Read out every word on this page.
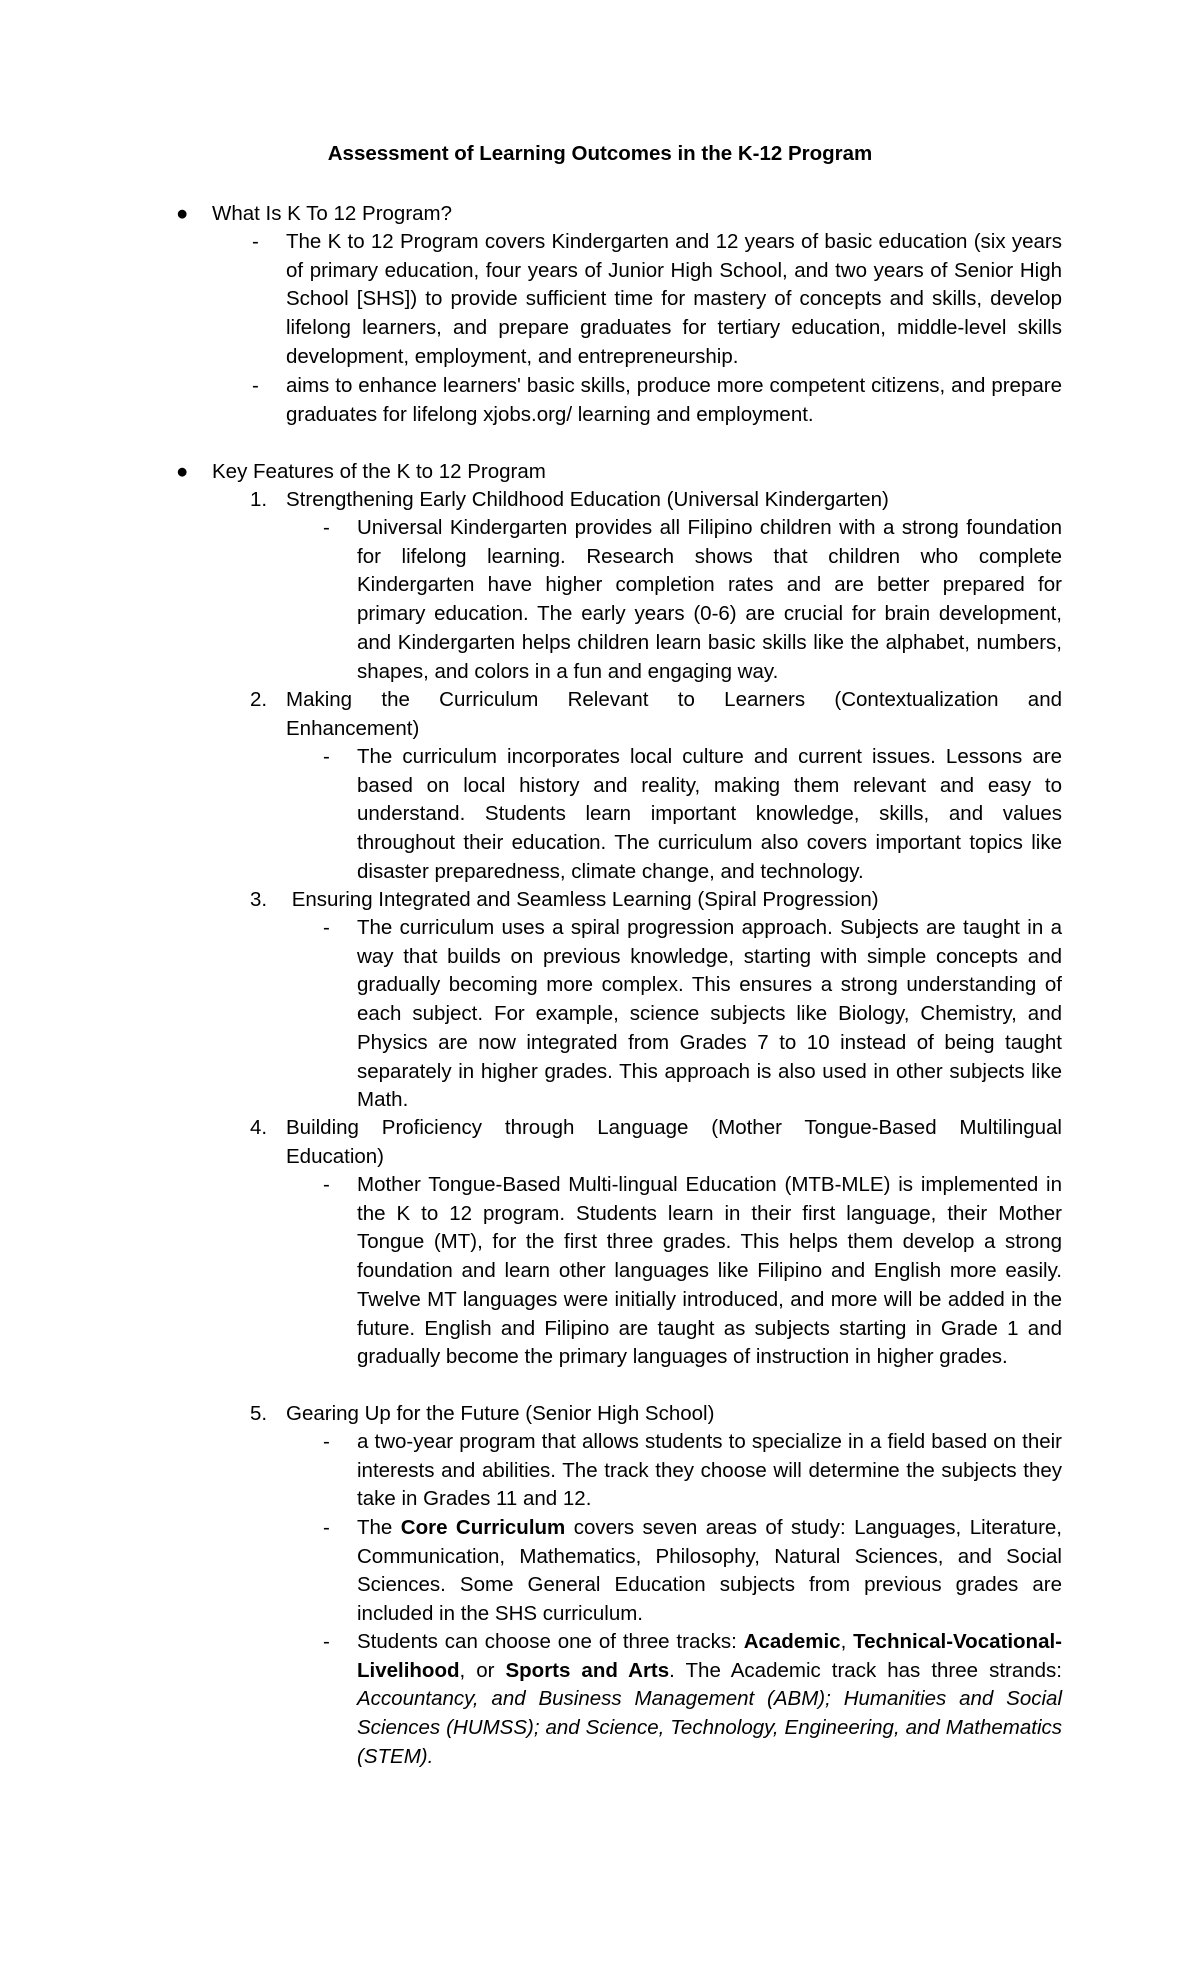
Assessment of Learning Outcomes in the K-12 Program
● What Is K To 12 Program?
- The K to 12 Program covers Kindergarten and 12 years of basic education (six years of primary education, four years of Junior High School, and two years of Senior High School [SHS]) to provide sufficient time for mastery of concepts and skills, develop lifelong learners, and prepare graduates for tertiary education, middle-level skills development, employment, and entrepreneurship.

- aims to enhance learners' basic skills, produce more competent citizens, and prepare graduates for lifelong xjobs.org/ learning and employment.

● Key Features of the K to 12 Program
1. Strengthening Early Childhood Education (Universal Kindergarten)

- Universal Kindergarten provides all Filipino children with a strong foundation for lifelong learning. Research shows that children who complete Kindergarten have higher completion rates and are better prepared for primary education. The early years (0-6) are crucial for brain development, and Kindergarten helps children learn basic skills like the alphabet, numbers, shapes, and colors in a fun and engaging way.

2. Making the Curriculum Relevant to Learners (Contextualization and Enhancement)

- The curriculum incorporates local culture and current issues. Lessons are based on local history and reality, making them relevant and easy to understand. Students learn important knowledge, skills, and values throughout their education. The curriculum also covers important topics like disaster preparedness, climate change, and technology.

3. Ensuring Integrated and Seamless Learning (Spiral Progression)

- The curriculum uses a spiral progression approach. Subjects are taught in a way that builds on previous knowledge, starting with simple concepts and gradually becoming more complex. This ensures a strong understanding of each subject. For example, science subjects like Biology, Chemistry, and Physics are now integrated from Grades 7 to 10 instead of being taught separately in higher grades. This approach is also used in other subjects like Math.

4. Building Proficiency through Language (Mother Tongue-Based Multilingual Education)

- Mother Tongue-Based Multi-lingual Education (MTB-MLE) is implemented in the K to 12 program. Students learn in their first language, their Mother Tongue (MT), for the first three grades. This helps them develop a strong foundation and learn other languages like Filipino and English more easily. Twelve MT languages were initially introduced, and more will be added in the future. English and Filipino are taught as subjects starting in Grade 1 and gradually become the primary languages of instruction in higher grades.

5. Gearing Up for the Future (Senior High School)

- a two-year program that allows students to specialize in a field based on their interests and abilities. The track they choose will determine the subjects they take in Grades 11 and 12.

- The Core Curriculum covers seven areas of study: Languages, Literature, Communication, Mathematics, Philosophy, Natural Sciences, and Social Sciences. Some General Education subjects from previous grades are included in the SHS curriculum.

- Students can choose one of three tracks: Academic, Technical-Vocational-Livelihood, or Sports and Arts. The Academic track has three strands: Accountancy, and Business Management (ABM); Humanities and Social Sciences (HUMSS); and Science, Technology, Engineering, and Mathematics (STEM).
